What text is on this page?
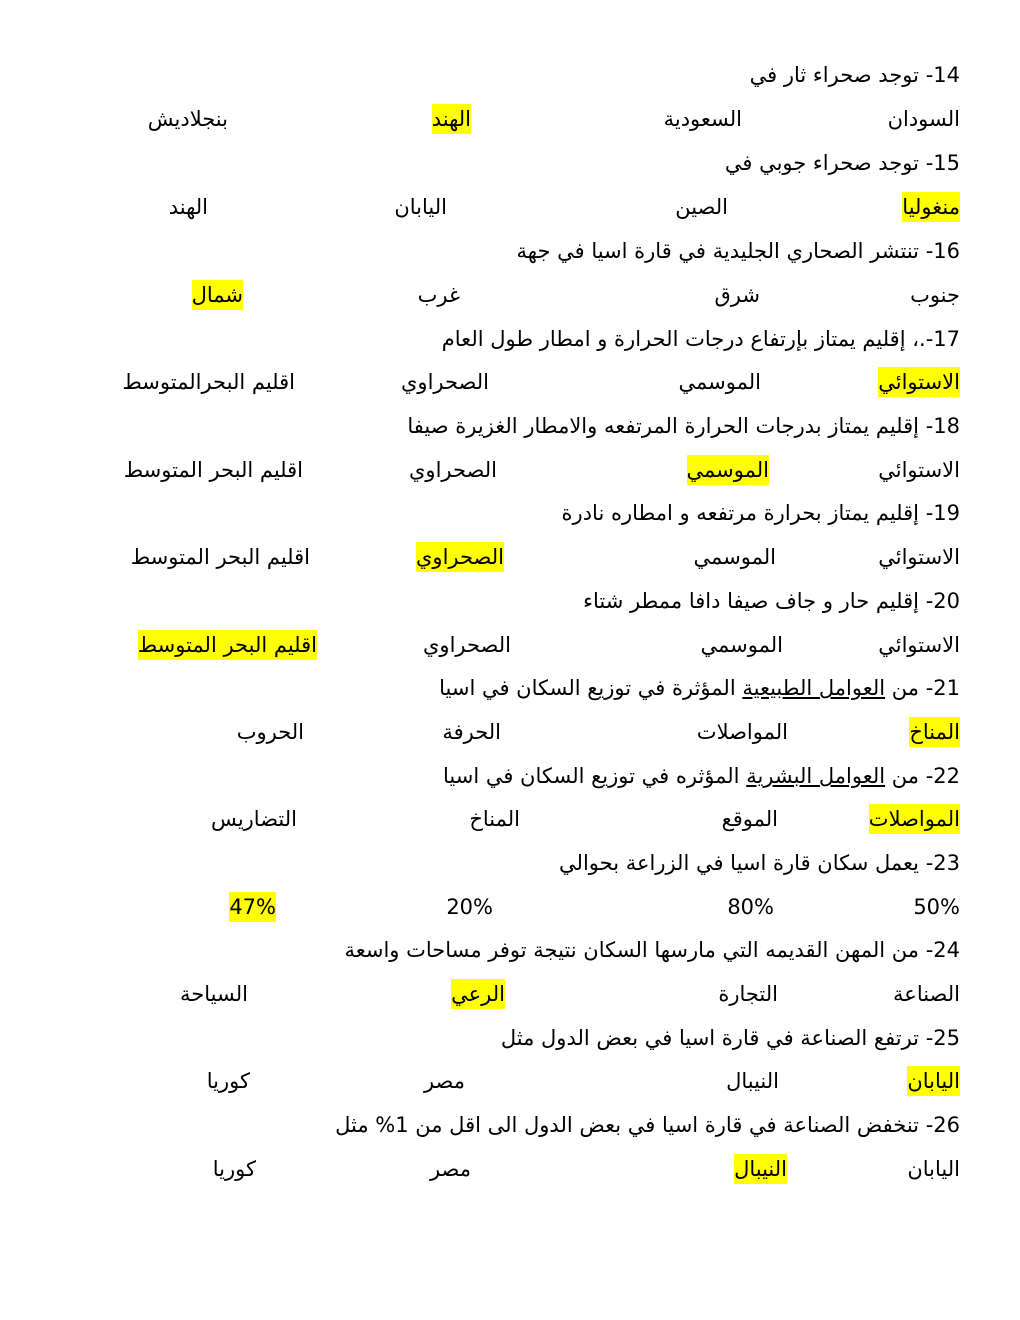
14- توجد صحراء ثار في
السودان
السعودية
الهند
بنجلاديش
15- توجد صحراء جوبي في
منغوليا
الصين
اليابان
الهند
16- تنتشر الصحاري الجليدية في قارة اسيا في جهة
جنوب
شرق
غرب
شمال
17-.، إقليم يمتاز بإرتفاع درجات الحرارة و امطار طول العام
الاستوائي
الموسمي
الصحراوي
اقليم البحرالمتوسط
18- إقليم يمتاز بدرجات الحرارة المرتفعه والامطار الغزيرة صيفا
الاستوائي
الموسمي
الصحراوي
اقليم البحر المتوسط
19- إقليم يمتاز بحرارة مرتفعه و امطاره نادرة
الاستوائي
الموسمي
الصحراوي
اقليم البحر المتوسط
20- إقليم حار و جاف صيفا دافا ممطر شتاء
الاستوائي
الموسمي
الصحراوي
اقليم البحر المتوسط
21- من العوامل الطبيعية المؤثرة في توزيع السكان في اسيا
المناخ
المواصلات
الحرفة
الحروب
22- من العوامل البشرية المؤثره في توزيع السكان في اسيا
المواصلات
الموقع
المناخ
التضاريس
23- يعمل سكان قارة اسيا في الزراعة بحوالي
50%
80%
20%
47%
24- من المهن القديمه التي مارسها السكان نتيجة توفر مساحات واسعة
الصناعة
التجارة
الرعي
السياحة
25- ترتفع الصناعة في قارة اسيا في بعض الدول مثل
اليابان
النيبال
مصر
كوريا
26- تنخفض الصناعة في قارة اسيا في بعض الدول الى اقل من 1% مثل
اليابان
النيبال
مصر
كوريا
